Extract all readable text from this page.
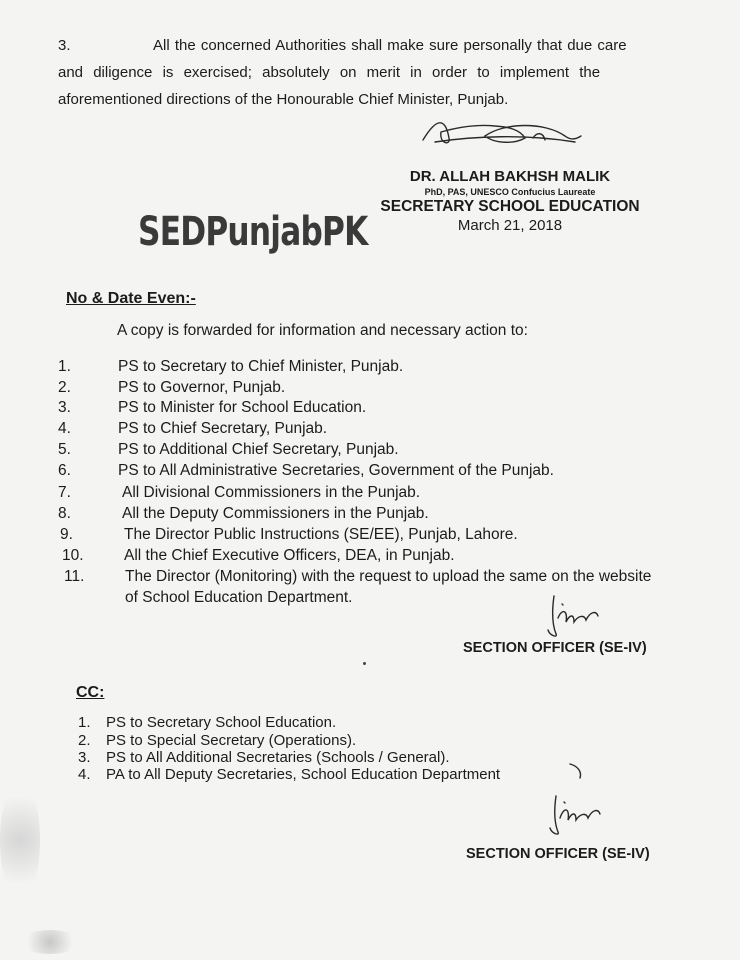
3.	All the concerned Authorities shall make sure personally that due care
and diligence is exercised; absolutely on merit in order to implement the
aforementioned directions of the Honourable Chief Minister, Punjab.
DR. ALLAH BAKHSH MALIK
PhD, PAS, UNESCO Confucius Laureate
SECRETARY SCHOOL EDUCATION
March 21, 2018
SEDPunjabPK
No & Date Even:-
A copy is forwarded for information and necessary action to:
1.	PS to Secretary to Chief Minister, Punjab.
2.	PS to Governor, Punjab.
3.	PS to Minister for School Education.
4.	PS to Chief Secretary, Punjab.
5.	PS to Additional Chief Secretary, Punjab.
6.	PS to All Administrative Secretaries, Government of the Punjab.
7.	All Divisional Commissioners in the Punjab.
8.	All the Deputy Commissioners in the Punjab.
9.	The Director Public Instructions (SE/EE), Punjab, Lahore.
10.	All the Chief Executive Officers, DEA, in Punjab.
11.	The Director (Monitoring) with the request to upload the same on the website
of School Education Department.
SECTION OFFICER (SE-IV)
CC:
1. PS to Secretary School Education.
2. PS to Special Secretary (Operations).
3. PS to All Additional Secretaries (Schools / General).
4. PA to All Deputy Secretaries, School Education Department
SECTION OFFICER (SE-IV)
